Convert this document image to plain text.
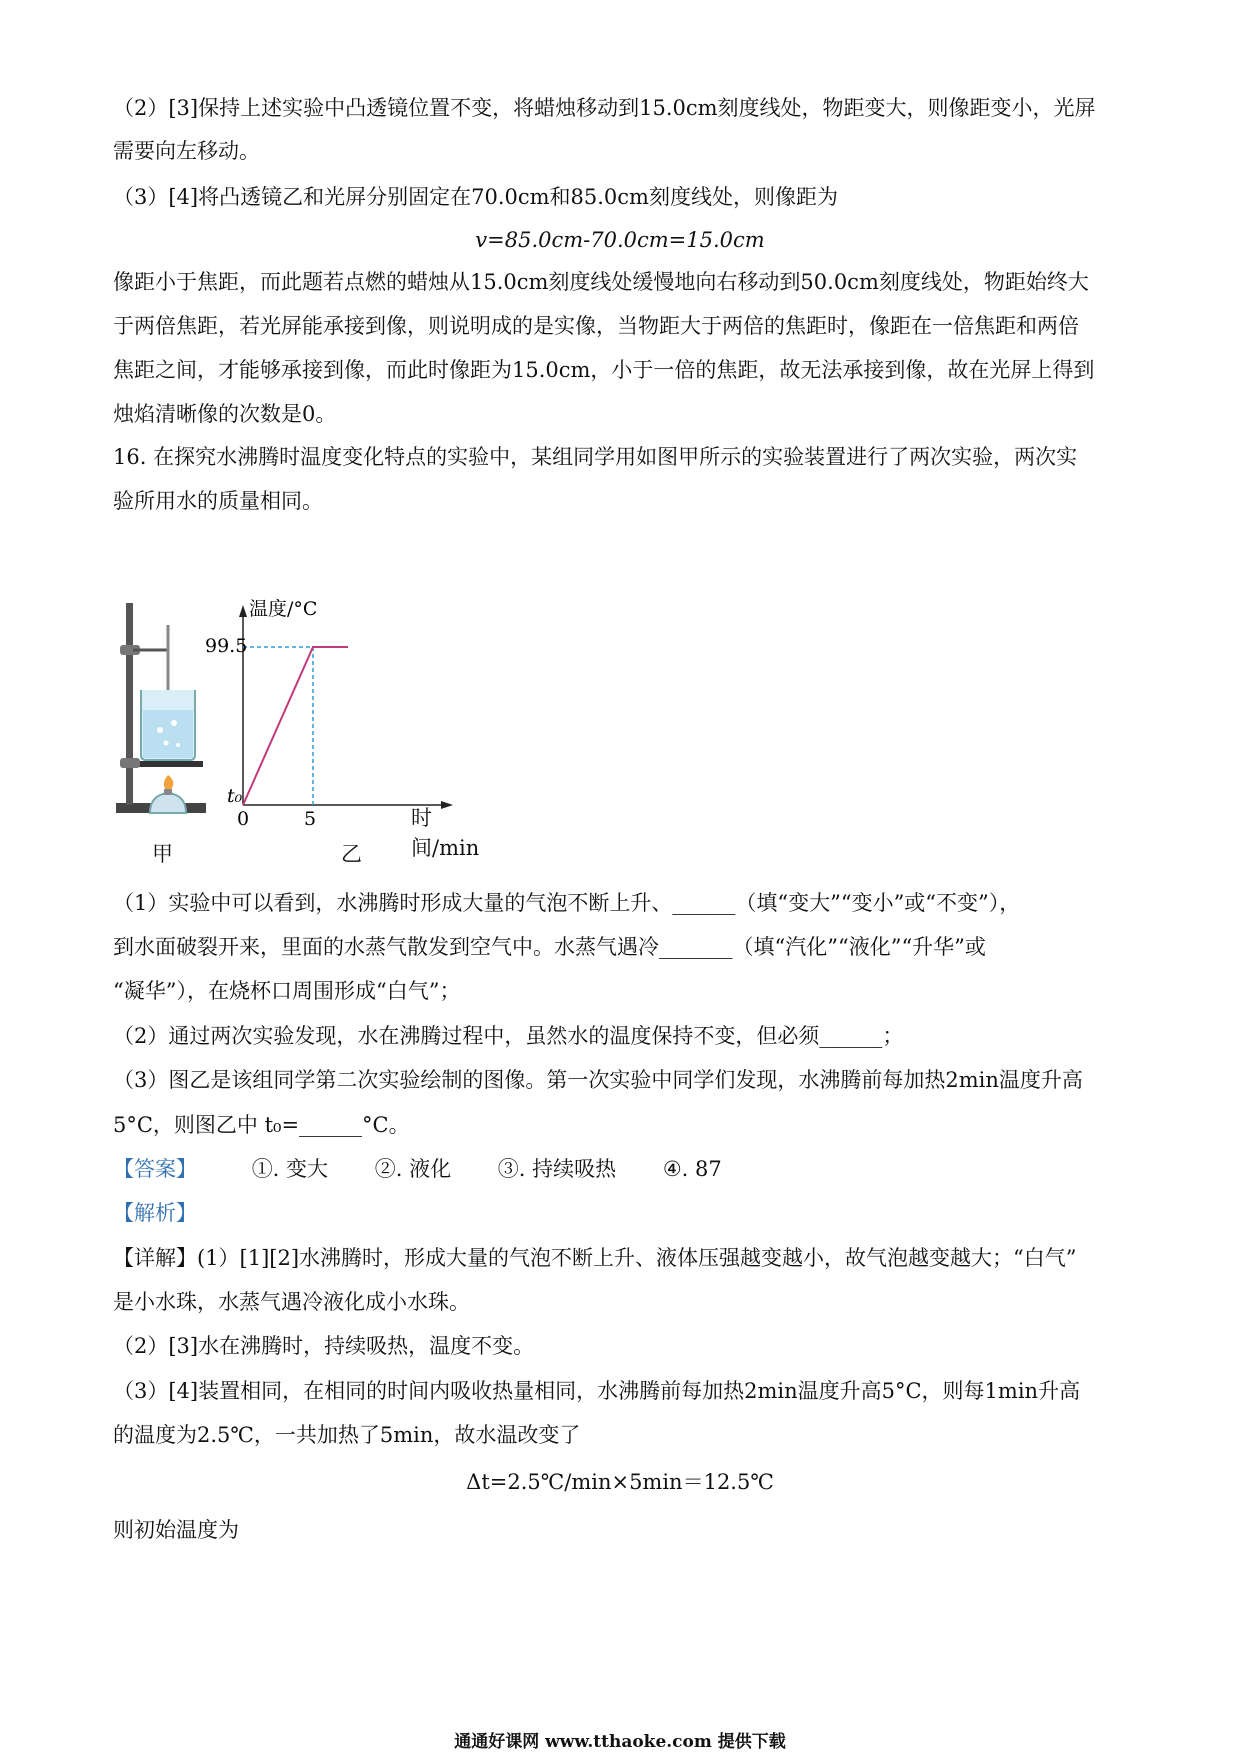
（2）[3]保持上述实验中凸透镜位置不变，将蜡烛移动到15.0cm刻度线处，物距变大，则像距变小，光屏
需要向左移动。
（3）[4]将凸透镜乙和光屏分别固定在70.0cm和85.0cm刻度线处，则像距为
v=85.0cm-70.0cm=15.0cm
像距小于焦距，而此题若点燃的蜡烛从15.0cm刻度线处缓慢地向右移动到50.0cm刻度线处，物距始终大
于两倍焦距，若光屏能承接到像，则说明成的是实像，当物距大于两倍的焦距时，像距在一倍焦距和两倍
焦距之间，才能够承接到像，而此时像距为15.0cm，小于一倍的焦距，故无法承接到像，故在光屏上得到
烛焰清晰像的次数是0。
16. 在探究水沸腾时温度变化特点的实验中，某组同学用如图甲所示的实验装置进行了两次实验，两次实
验所用水的质量相同。
温度/°C
99.5
t₀
0	5	时间/min
甲	乙
（1）实验中可以看到，水沸腾时形成大量的气泡不断上升、______（填“变大”“变小”或“不变”），
到水面破裂开来，里面的水蒸气散发到空气中。水蒸气遇冷_______（填“汽化”“液化”“升华”或
“凝华”），在烧杯口周围形成“白气”；
（2）通过两次实验发现，水在沸腾过程中，虽然水的温度保持不变，但必须______；
（3）图乙是该组同学第二次实验绘制的图像。第一次实验中同学们发现，水沸腾前每加热2min温度升高
5°C，则图乙中 t₀=______°C。
【答案】	①. 变大 ②. 液化 ③. 持续吸热 ④. 87
【解析】
【详解】(1）[1][2]水沸腾时，形成大量的气泡不断上升、液体压强越变越小，故气泡越变越大；“白气”
是小水珠，水蒸气遇冷液化成小水珠。
（2）[3]水在沸腾时，持续吸热，温度不变。
（3）[4]装置相同，在相同的时间内吸收热量相同，水沸腾前每加热2min温度升高5°C，则每1min升高
的温度为2.5℃，一共加热了5min，故水温改变了
Δt=2.5℃/min×5min＝12.5℃
则初始温度为
通通好课网 www.tthaoke.com 提供下载
